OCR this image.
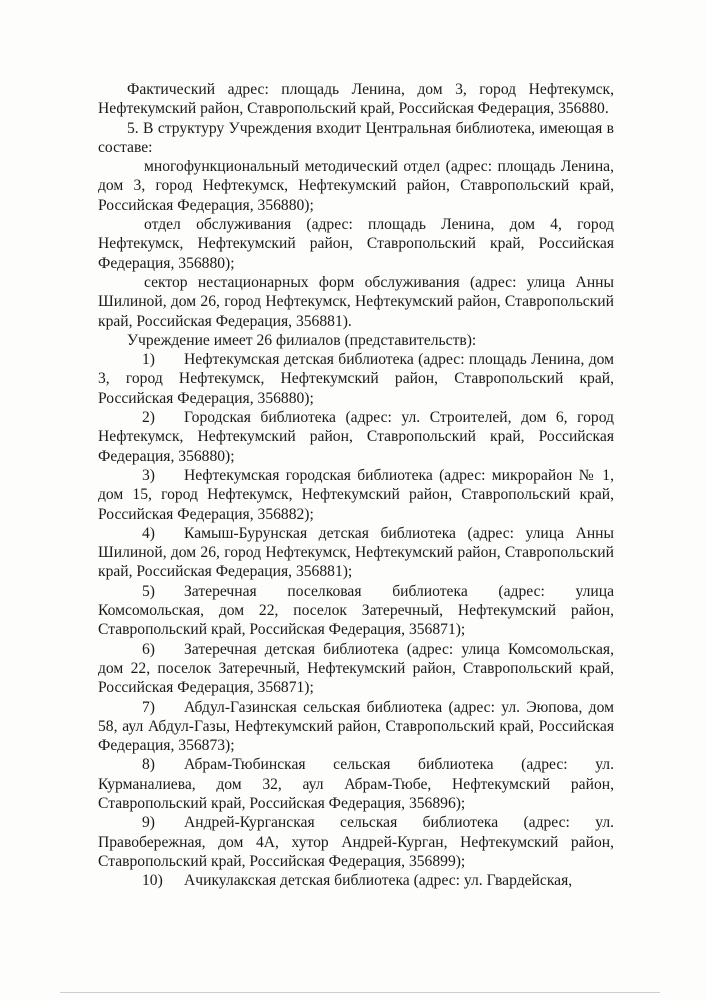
Фактический адрес: площадь Ленина, дом 3, город Нефтекумск, Нефтекумский район, Ставропольский край, Российская Федерация, 356880.

5. В структуру Учреждения входит Центральная библиотека, имеющая в составе:

многофункциональный методический отдел (адрес: площадь Ленина, дом 3, город Нефтекумск, Нефтекумский район, Ставропольский край, Российская Федерация, 356880);

отдел обслуживания (адрес: площадь Ленина, дом 4, город Нефтекумск, Нефтекумский район, Ставропольский край, Российская Федерация, 356880);

сектор нестационарных форм обслуживания (адрес: улица Анны Шилиной, дом 26, город Нефтекумск, Нефтекумский район, Ставропольский край, Российская Федерация, 356881).

Учреждение имеет 26 филиалов (представительств):

1) Нефтекумская детская библиотека (адрес: площадь Ленина, дом 3, город Нефтекумск, Нефтекумский район, Ставропольский край, Российская Федерация, 356880);

2) Городская библиотека (адрес: ул. Строителей, дом 6, город Нефтекумск, Нефтекумский район, Ставропольский край, Российская Федерация, 356880);

3) Нефтекумская городская библиотека (адрес: микрорайон № 1, дом 15, город Нефтекумск, Нефтекумский район, Ставропольский край, Российская Федерация, 356882);

4) Камыш-Бурунская детская библиотека (адрес: улица Анны Шилиной, дом 26, город Нефтекумск, Нефтекумский район, Ставропольский край, Российская Федерация, 356881);

5) Затеречная поселковая библиотека (адрес: улица Комсомольская, дом 22, поселок Затеречный, Нефтекумский район, Ставропольский край, Российская Федерация, 356871);

6) Затеречная детская библиотека (адрес: улица Комсомольская, дом 22, поселок Затеречный, Нефтекумский район, Ставропольский край, Российская Федерация, 356871);

7) Абдул-Газинская сельская библиотека (адрес: ул. Эюпова, дом 58, аул Абдул-Газы, Нефтекумский район, Ставропольский край, Российская Федерация, 356873);

8) Абрам-Тюбинская сельская библиотека (адрес: ул. Курманалиева, дом 32, аул Абрам-Тюбе, Нефтекумский район, Ставропольский край, Российская Федерация, 356896);

9) Андрей-Курганская сельская библиотека (адрес: ул. Правобережная, дом 4А, хутор Андрей-Курган, Нефтекумский район, Ставропольский край, Российская Федерация, 356899);

10) Ачикулакская детская библиотека (адрес: ул. Гвардейская,
